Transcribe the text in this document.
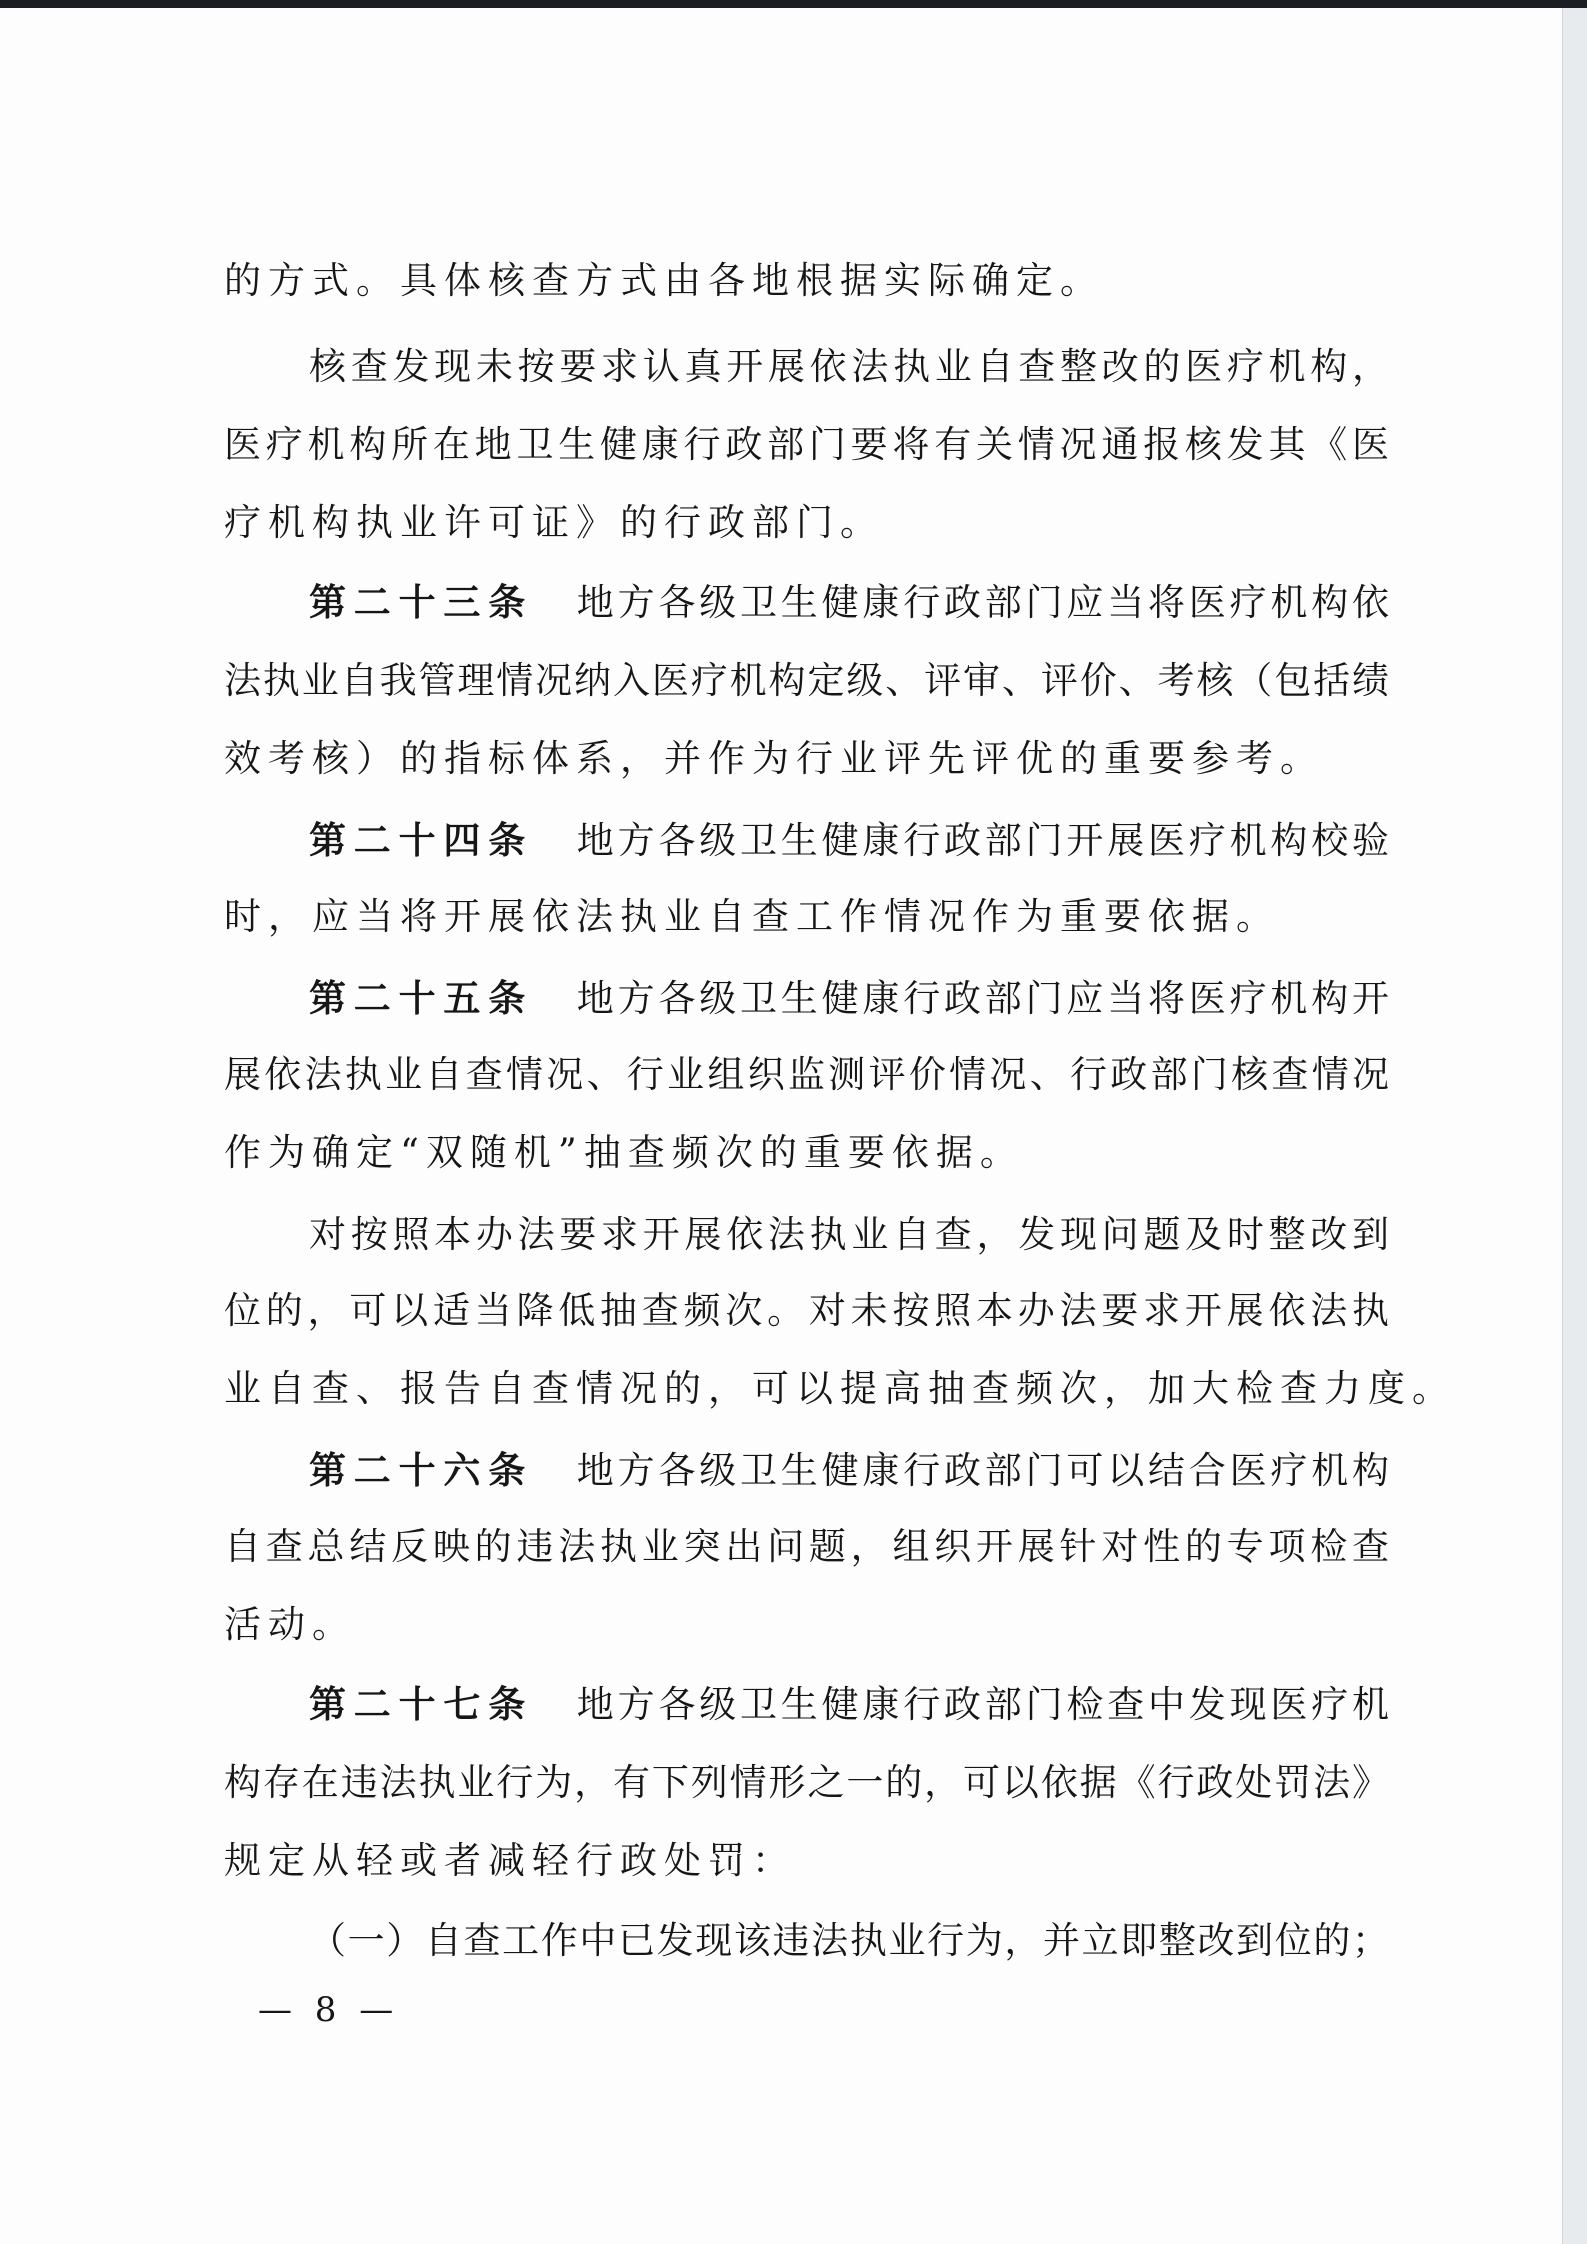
的方式。具体核查方式由各地根据实际确定。
核查发现未按要求认真开展依法执业自查整改的医疗机构，
医疗机构所在地卫生健康行政部门要将有关情况通报核发其《医
疗机构执业许可证》的行政部门。
第二十三条 地方各级卫生健康行政部门应当将医疗机构依
法执业自我管理情况纳入医疗机构定级、评审、评价、考核（包括绩
效考核）的指标体系，并作为行业评先评优的重要参考。
第二十四条 地方各级卫生健康行政部门开展医疗机构校验
时，应当将开展依法执业自查工作情况作为重要依据。
第二十五条 地方各级卫生健康行政部门应当将医疗机构开
展依法执业自查情况、行业组织监测评价情况、行政部门核查情况
作为确定“双随机”抽查频次的重要依据。
对按照本办法要求开展依法执业自查，发现问题及时整改到
位的，可以适当降低抽查频次。对未按照本办法要求开展依法执
业自查、报告自查情况的，可以提高抽查频次，加大检查力度。
第二十六条 地方各级卫生健康行政部门可以结合医疗机构
自查总结反映的违法执业突出问题，组织开展针对性的专项检查
活动。
第二十七条 地方各级卫生健康行政部门检查中发现医疗机
构存在违法执业行为，有下列情形之一的，可以依据《行政处罚法》
规定从轻或者减轻行政处罚：
（一）自查工作中已发现该违法执业行为，并立即整改到位的；
— 8 —
